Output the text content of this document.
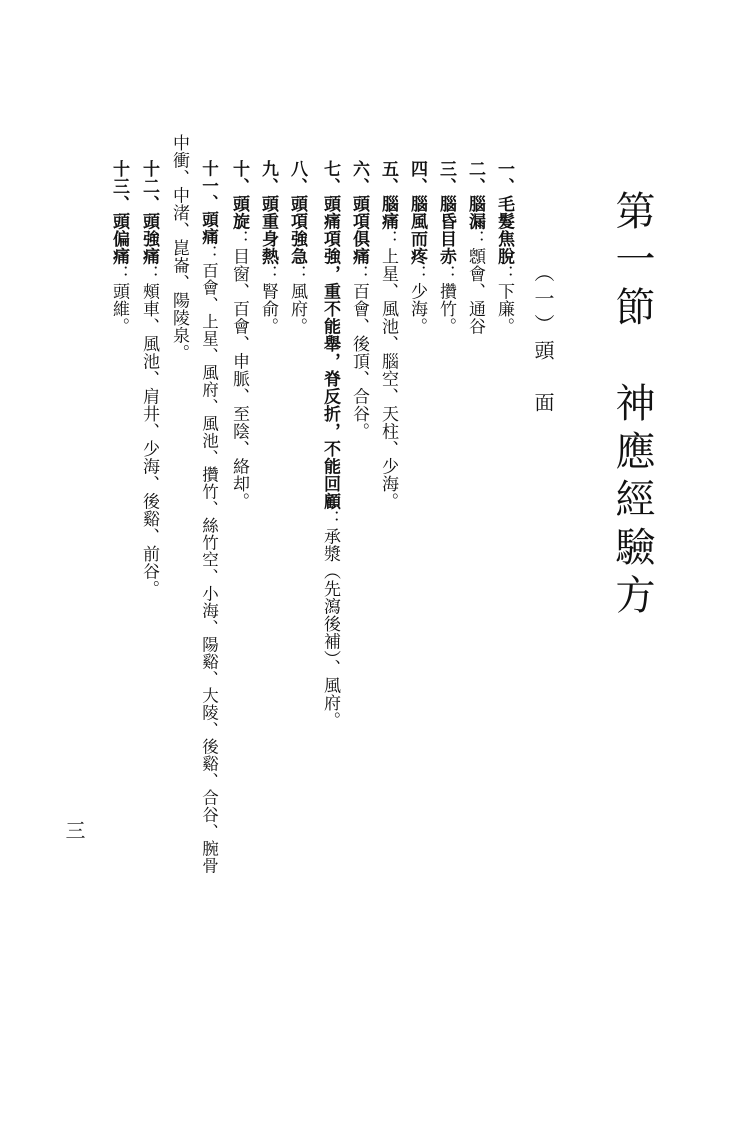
第一節　神應經驗方
（一）頭　面
一、毛髮焦脫：下廉。
二、腦漏：顖會、通谷
三、腦昏目赤：攢竹。
四、腦風而疼：少海。
五、腦痛：上星、風池、腦空、天柱、少海。
六、頭項俱痛：百會、後頂、合谷。
七、頭痛項強，重不能舉，脊反折，不能回顧：承漿（先瀉後補）、風府。
八、頭項強急：風府。
九、頭重身熱：腎俞。
十、頭旋：目窗、百會、申脈、至陰、絡却。
十一、頭痛：百會、上星、風府、風池、攢竹、絲竹空、小海、陽谿、大陵、後谿、合谷、腕骨
中衝、中渚、崑崙、陽陵泉。
十二、頭強痛：頰車、風池、肩井、少海、後谿、前谷。
十三、頭偏痛：頭維。
三
